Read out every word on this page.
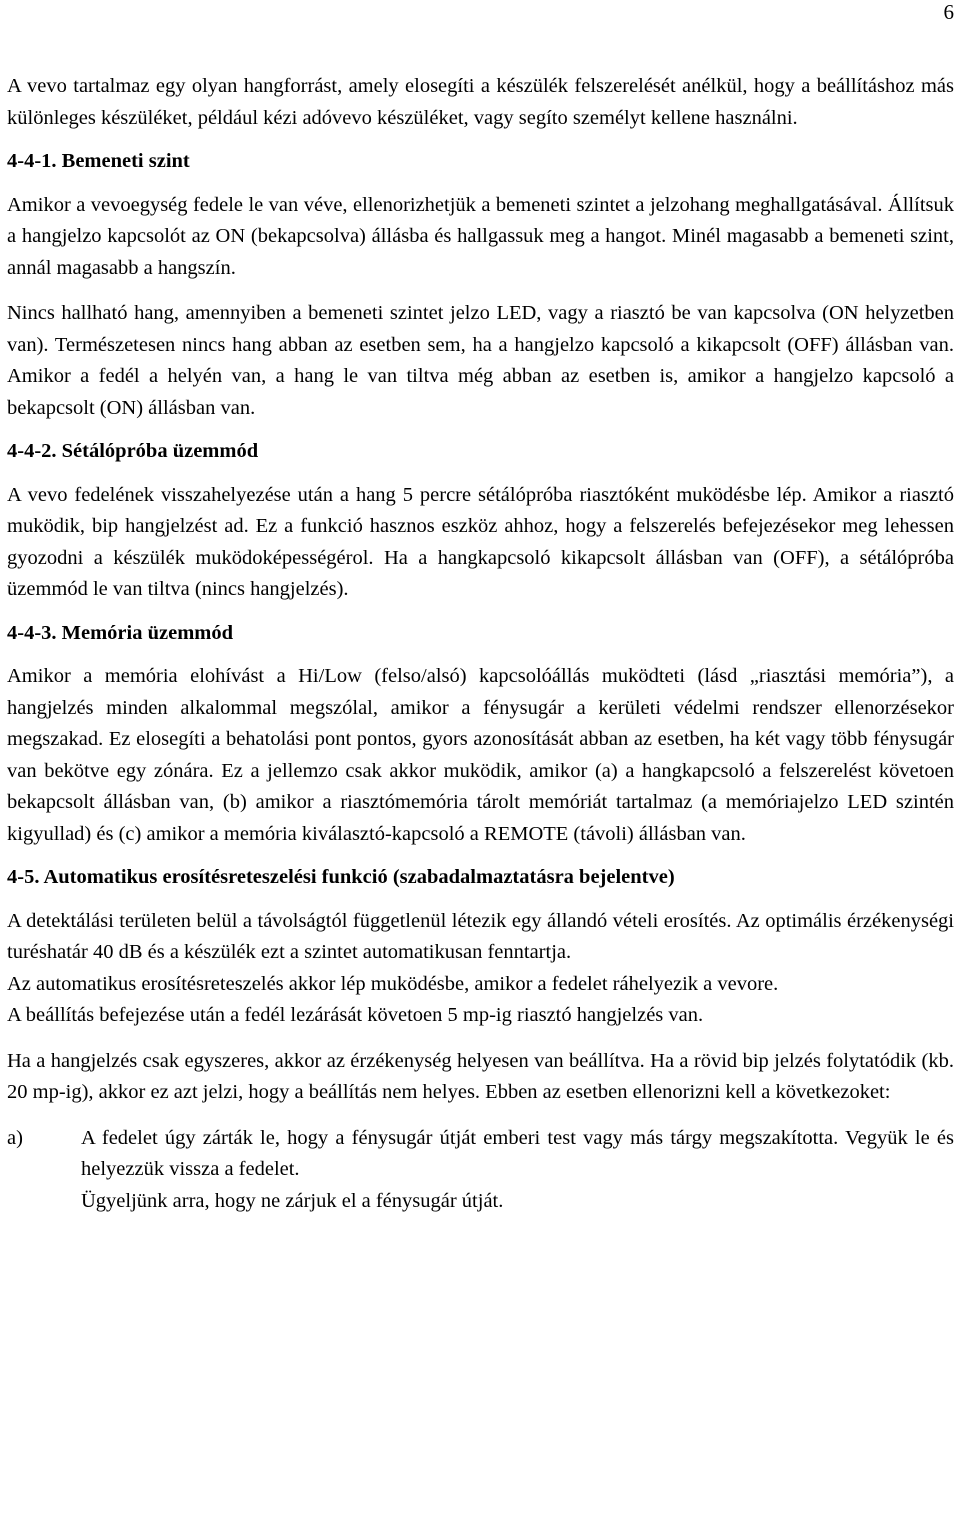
6

A vevo tartalmaz egy olyan hangforrást, amely elosegíti a készülék felszerelését anélkül, hogy a beállításhoz más különleges készüléket, például kézi adóvevo készüléket, vagy segíto személyt kellene használni.

4-4-1. Bemeneti szint

Amikor a vevoegység fedele le van véve, ellenorizhetjük a bemeneti szintet a jelzohang meghallgatásával. Állítsuk a hangjelzo kapcsolót az ON (bekapcsolva) állásba és hallgassuk meg a hangot. Minél magasabb a bemeneti szint, annál magasabb a hangszín.

Nincs hallható hang, amennyiben a bemeneti szintet jelzo LED, vagy a riasztó be van kapcsolva (ON helyzetben van). Természetesen nincs hang abban az esetben sem, ha a hangjelzo kapcsoló a kikapcsolt (OFF) állásban van. Amikor a fedél a helyén van, a hang le van tiltva még abban az esetben is, amikor a hangjelzo kapcsoló a bekapcsolt (ON) állásban van.

4-4-2. Sétálópróba üzemmód

A vevo fedelének visszahelyezése után a hang 5 percre sétálópróba riasztóként muködésbe lép. Amikor a riasztó muködik, bip hangjelzést ad. Ez a funkció hasznos eszköz ahhoz, hogy a felszerelés befejezésekor meg lehessen gyozodni a készülék muködoképességérol. Ha a hangkapcsoló kikapcsolt állásban van (OFF), a sétálópróba üzemmód le van tiltva (nincs hangjelzés).

4-4-3. Memória üzemmód

Amikor a memória elohívást a Hi/Low (felso/alsó) kapcsolóállás muködteti (lásd „riasztási memória”), a hangjelzés minden alkalommal megszólal, amikor a fénysugár a kerületi védelmi rendszer ellenorzésekor megszakad. Ez elosegíti a behatolási pont pontos, gyors azonosítását abban az esetben, ha két vagy több fénysugár van bekötve egy zónára. Ez a jellemzo csak akkor muködik, amikor (a) a hangkapcsoló a felszerelést követoen bekapcsolt állásban van, (b) amikor a riasztómemória tárolt memóriát tartalmaz (a memóriajelzo LED szintén kigyullad) és (c) amikor a memória kiválasztó-kapcsoló a REMOTE (távoli) állásban van.

4-5. Automatikus erosítésreteszelési funkció (szabadalmaztatásra bejelentve)

A detektálási területen belül a távolságtól függetlenül létezik egy állandó vételi erosítés. Az optimális érzékenységi turéshatár 40 dB és a készülék ezt a szintet automatikusan fenntartja.

Az automatikus erosítésreteszelés akkor lép muködésbe, amikor a fedelet ráhelyezik a vevore.

A beállítás befejezése után a fedél lezárását követoen 5 mp-ig riasztó hangjelzés van.

Ha a hangjelzés csak egyszeres, akkor az érzékenység helyesen van beállítva. Ha a rövid bip jelzés folytatódik (kb. 20 mp-ig), akkor ez azt jelzi, hogy a beállítás nem helyes. Ebben az esetben ellenorizni kell a következoket:

a)	A fedelet úgy zárták le, hogy a fénysugár útját emberi test vagy más tárgy megszakította. Vegyük le és helyezzük vissza a fedelet.

Ügyeljünk arra, hogy ne zárjuk el a fénysugár útját.
